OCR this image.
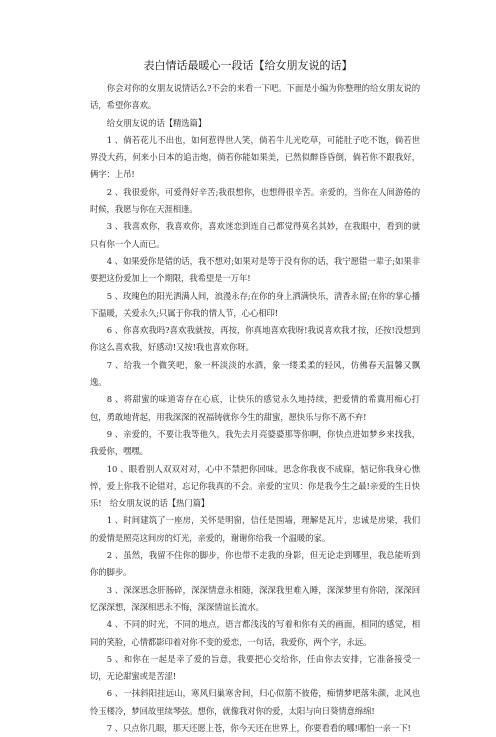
表白情话最暖心一段话【给女朋友说的话】

你会对你的女朋友说情话么?不会的来看一下吧。下面是小编为你整理的给女朋友说的话，希望你喜欢。

给女朋友说的话【精选篇】

1 、倘若花儿不出也，如何惹得世人笑，倘若牛儿光吃草，可能肚子吃不饱，倘若世界没大药，何来小日本的追击炮，倘若你能如果美，已然似醉昏昏倒，倘若你不跟我好，俩字：上吊!

2 、我很爱你，可爱得好辛苦;我很想你，也想得很辛苦。亲爱的，当你在人间游倦的时候，我愿与你在天涯相逢。

3 、我喜欢你，我喜欢你，喜欢迷恋到连自己都觉得莫名其妙，在我眼中，看到的就只有你一个人而已。

4 、如果爱你是错的话，我不想对;如果对是等于没有你的话，我宁愿错一辈子;如果非要把这份爱加上一个期限，我希望是一万年!

5 、玫瑰色的阳光洒满人间，浪漫永存;在你的身上洒满快乐，清香永留;在你的掌心播下温暖，关爱永久;只属于你我的情人节，心心相印!

6 、你喜欢我吗?喜欢我就按，再按，你真地喜欢我呀!我说喜欢我才按，还按!没想到你这么喜欢我，好感动!又按!我也喜欢你呀。

7 、给我一个微笑吧，象一杯淡淡的水酒，象一缕柔柔的轻风，仿佛春天温馨又飘逸。

8 、将甜蜜的味道寄存在心底，让快乐的感觉永久地持续，把爱情的希冀用痴心打包，勇敢地背起，用我深深的祝福铸就你今生的甜蜜，愿快乐与你不离不弃!

9 、亲爱的，不要让我等他久，我先去月亮婆婆那等你啊，你快点进如梦乡来找我，我爱你，嘿嘿。

10 、眼看别人双双对对，心中不禁把你回味。思念你我夜不成寐，惦记你我身心憔悴，爱上你我不论错对，忘记你我真的不会。亲爱的宝贝：你是我今生之最!亲爱的生日快乐!　给女朋友说的话【热门篇】

1 、时间建筑了一座房，关怀是明窗，信任是围墙，理解是瓦片，忠诚是房梁，我们的爱情是照亮这间房的灯光，亲爱的，谢谢你给我一个温暖的家。

2 、虽然，我留不住你的脚步，你也带不走我的身影，但无论走到哪里，我总能听到你的脚步。

3 、深深思念肝肠碎，深深情意永相随，深深我里难入睡，深深梦里有你陪，深深回忆深深想，深深相思永不悔，深深情谊长流水。

4 、不同的时光，不同的地点，语言都浅浅的写着和你有关的画面，相同的感觉，相同的笑脸，心情都影印着对你不变的爱恋，一句话，我爱你，两个字，永远。

5 、和你在一起是幸了爱的旨意，我要把心交给你，任由你去安排，它准备接受一切，无论甜蜜或是苦涩!

6 、一抹斜阳挂远山，寒风归巢寒舍间，归心似箭不彼倦，痴情梦吧落朱颜，北风也怜玉楼冷，梦回故里续琴弦。想你，就像我对你的爱，太阳与向日葵情意绵绵!

7 、只点你几眼，那天还愿上苍，你今天还在世界上，你要看看的哪!哪怕一亲一下!
